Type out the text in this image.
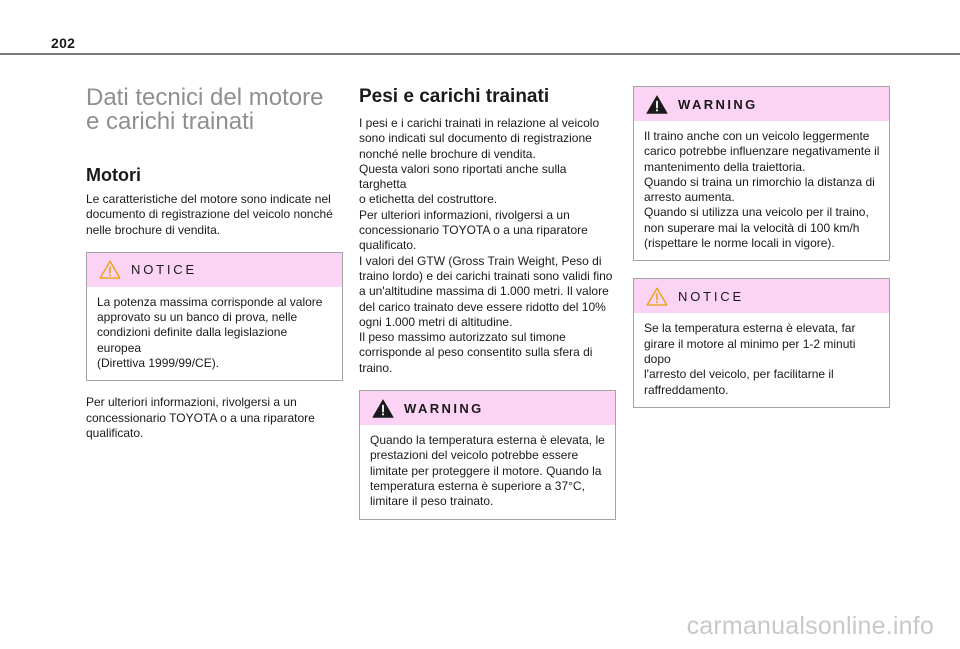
202
Dati tecnici del motore e carichi trainati
Motori

Le caratteristiche del motore sono indicate nel
documento di registrazione del veicolo nonché
nelle brochure di vendita.

NOTICE
La potenza massima corrisponde al valore
approvato su un banco di prova, nelle
condizioni definite dalla legislazione europea
(Direttiva 1999/99/CE).

Per ulteriori informazioni, rivolgersi a un
concessionario TOYOTA o a una riparatore
qualificato.

Pesi e carichi trainati

I pesi e i carichi trainati in relazione al veicolo
sono indicati sul documento di registrazione
nonché nelle brochure di vendita.
Questa valori sono riportati anche sulla targhetta
o etichetta del costruttore.
Per ulteriori informazioni, rivolgersi a un
concessionario TOYOTA o a una riparatore
qualificato.
I valori del GTW (Gross Train Weight, Peso di
traino lordo) e dei carichi trainati sono validi fino
a un'altitudine massima di 1.000 metri. Il valore
del carico trainato deve essere ridotto del 10%
ogni 1.000 metri di altitudine.
Il peso massimo autorizzato sul timone
corrisponde al peso consentito sulla sfera di
traino.

WARNING
Quando la temperatura esterna è elevata, le
prestazioni del veicolo potrebbe essere
limitate per proteggere il motore. Quando la
temperatura esterna è superiore a 37°C,
limitare il peso trainato.
WARNING
Il traino anche con un veicolo leggermente
carico potrebbe influenzare negativamente il
mantenimento della traiettoria.
Quando si traina un rimorchio la distanza di
arresto aumenta.
Quando si utilizza una veicolo per il traino,
non superare mai la velocità di 100 km/h
(rispettare le norme locali in vigore).
NOTICE
Se la temperatura esterna è elevata, far
girare il motore al minimo per 1-2 minuti dopo
l'arresto del veicolo, per facilitarne il
raffreddamento.
carmanualsonline.info
